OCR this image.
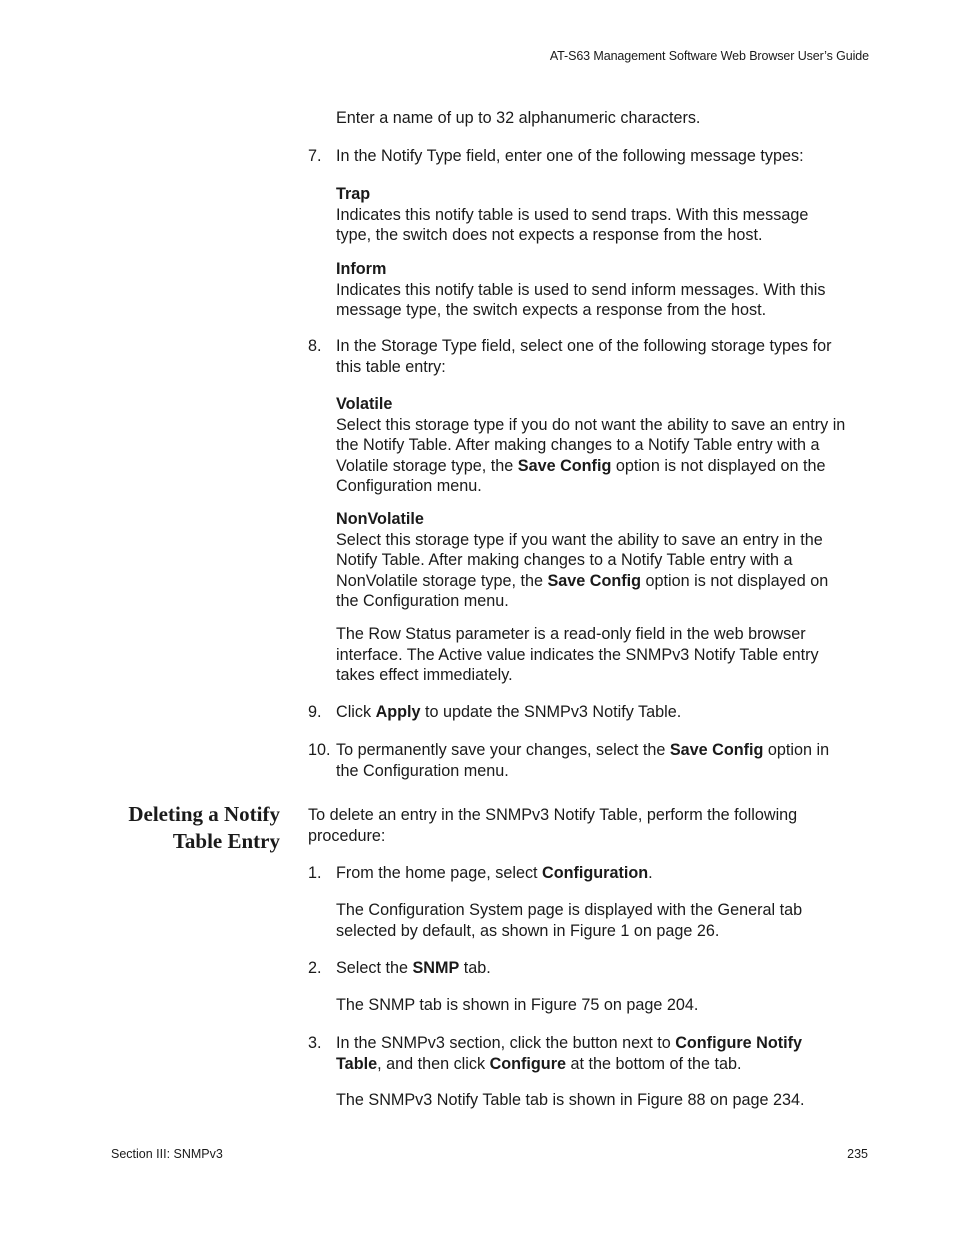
AT-S63 Management Software Web Browser User’s Guide
Enter a name of up to 32 alphanumeric characters.
7. In the Notify Type field, enter one of the following message types:
Trap
Indicates this notify table is used to send traps. With this message
type, the switch does not expects a response from the host.
Inform
Indicates this notify table is used to send inform messages. With this
message type, the switch expects a response from the host.
8. In the Storage Type field, select one of the following storage types for
this table entry:
Volatile
Select this storage type if you do not want the ability to save an entry in
the Notify Table. After making changes to a Notify Table entry with a
Volatile storage type, the Save Config option is not displayed on the
Configuration menu.
NonVolatile
Select this storage type if you want the ability to save an entry in the
Notify Table. After making changes to a Notify Table entry with a
NonVolatile storage type, the Save Config option is not displayed on
the Configuration menu.
The Row Status parameter is a read-only field in the web browser
interface. The Active value indicates the SNMPv3 Notify Table entry
takes effect immediately.
9. Click Apply to update the SNMPv3 Notify Table.
10. To permanently save your changes, select the Save Config option in
the Configuration menu.
Deleting a Notify
Table Entry
To delete an entry in the SNMPv3 Notify Table, perform the following
procedure:
1. From the home page, select Configuration.
The Configuration System page is displayed with the General tab
selected by default, as shown in Figure 1 on page 26.
2. Select the SNMP tab.
The SNMP tab is shown in Figure 75 on page 204.
3. In the SNMPv3 section, click the button next to Configure Notify
Table, and then click Configure at the bottom of the tab.
The SNMPv3 Notify Table tab is shown in Figure 88 on page 234.
Section III: SNMPv3	235
